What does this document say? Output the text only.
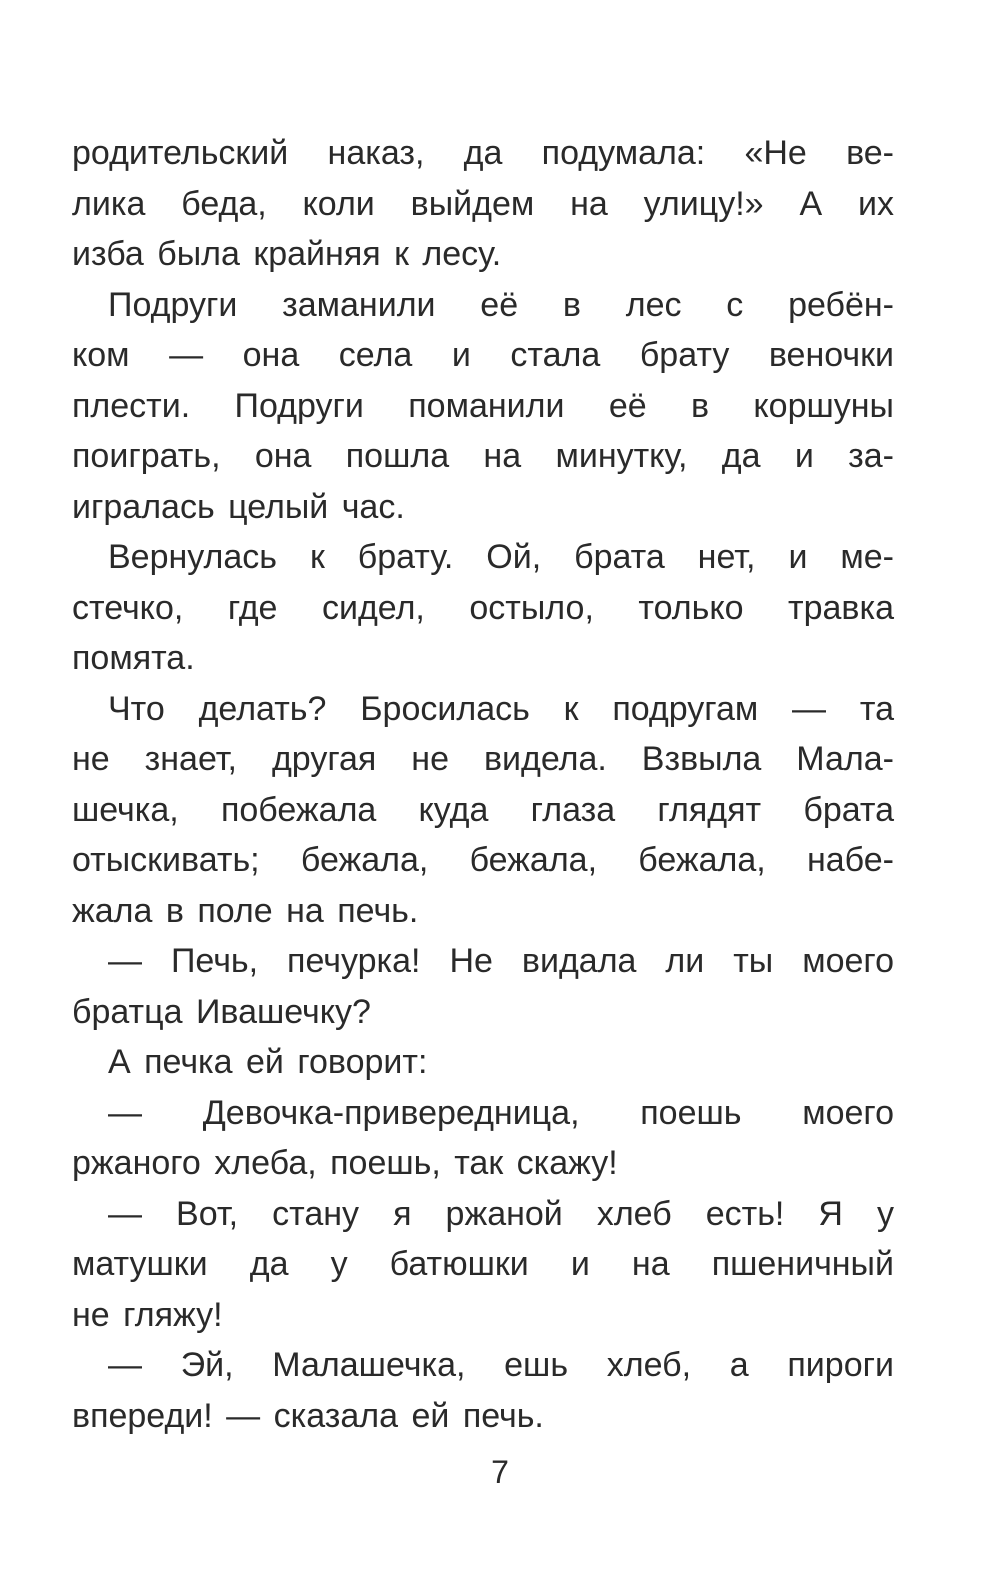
родительский наказ, да подумала: «Не ве-
лика беда, коли выйдем на улицу!» А их
изба была крайняя к лесу.
Подруги заманили её в лес с ребён-
ком — она села и стала брату веночки
плести. Подруги поманили её в коршуны
поиграть, она пошла на минутку, да и за-
игралась целый час.
Вернулась к брату. Ой, брата нет, и ме-
стечко, где сидел, остыло, только травка
помята.
Что делать? Бросилась к подругам — та
не знает, другая не видела. Взвыла Мала-
шечка, побежала куда глаза глядят брата
отыскивать; бежала, бежала, бежала, набе-
жала в поле на печь.
— Печь, печурка! Не видала ли ты моего
братца Ивашечку?
А печка ей говорит:
— Девочка-привередница, поешь моего
ржаного хлеба, поешь, так скажу!
— Вот, стану я ржаной хлеб есть! Я у
матушки да у батюшки и на пшеничный
не гляжу!
— Эй, Малашечка, ешь хлеб, а пироги
впереди! — сказала ей печь.
7
